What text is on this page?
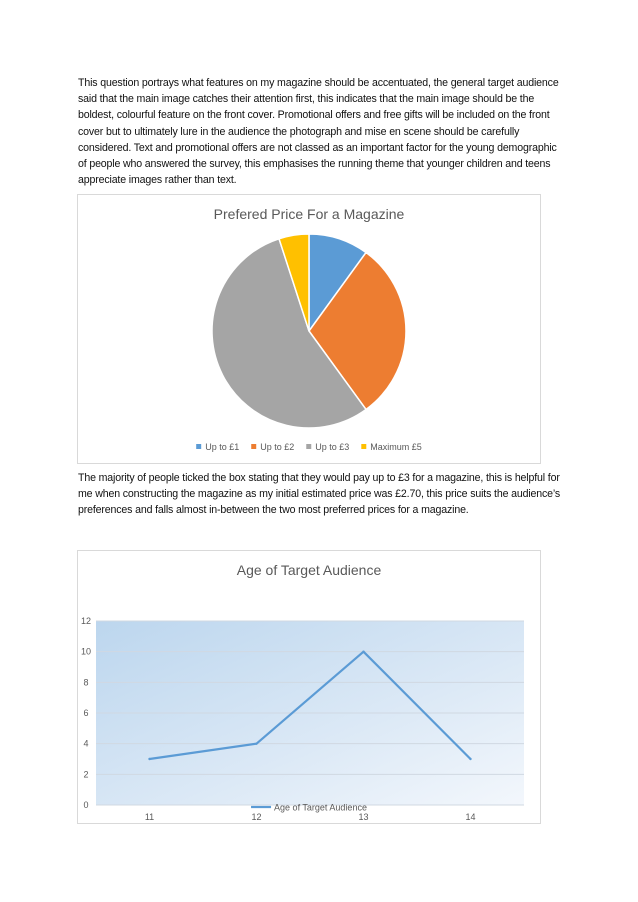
This question portrays what features on my magazine should be accentuated, the general target audience said that the main image catches their attention first, this indicates that the main image should be the boldest, colourful feature on the front cover. Promotional offers and free gifts will be included on the front cover but to ultimately lure in the audience the photograph and mise en scene should be carefully considered. Text and promotional offers are not classed as an important factor for the young demographic of people who answered the survey, this emphasises the running theme that younger children and teens appreciate images rather than text.

Prefered Price For a Magazine
Up to £1 Up to £2 Up to £3 Maximum £5

The majority of people ticked the box stating that they would pay up to £3 for a magazine, this is helpful for me when constructing the magazine as my initial estimated price was £2.70, this price suits the audience’s preferences and falls almost in-between the two most preferred prices for a magazine.

Age of Target Audience
0
2
4
6
8
10
12
11	12	13	14
Age of Target Audience
